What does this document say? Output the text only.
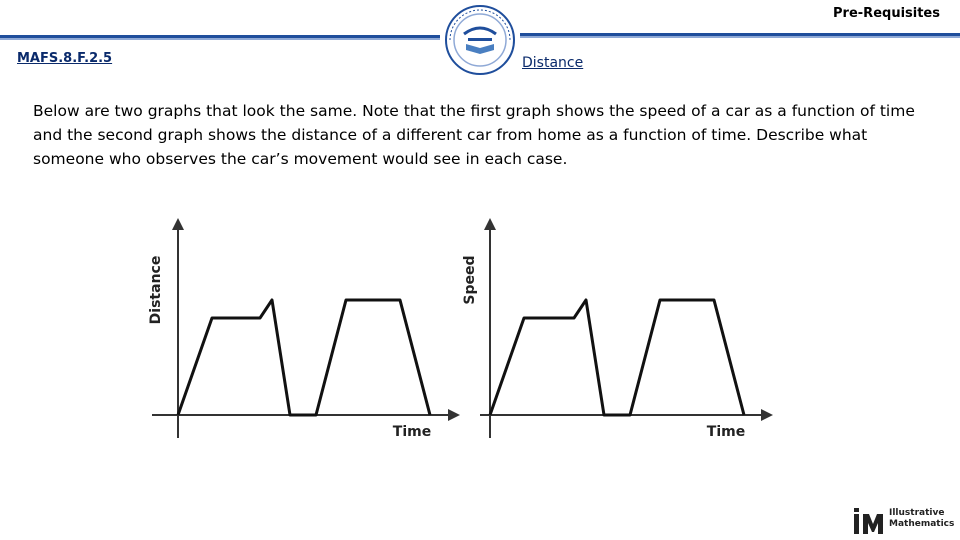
Pre-Requisites
MAFS.8.F.2.5	Distance

Below are two graphs that look the same. Note that the first graph shows the speed of a car as a function of time and the second graph shows the distance of a different car from home as a function of time. Describe what someone who observes the car’s movement would see in each case.

Distance
Time
Speed
Time
Illustrative
Mathematics
